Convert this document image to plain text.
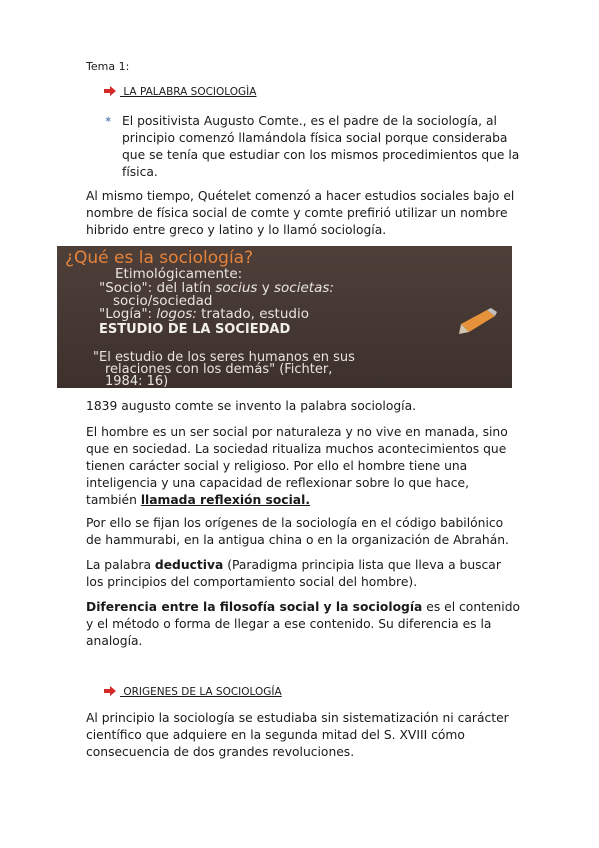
Tema 1:
LA PALABRA SOCIOLOGÌA
✶ El positivista Augusto Comte., es el padre de la sociología, al
principio comenzó llamándola física social porque consideraba
que se tenía que estudiar con los mismos procedimientos que la
física.
Al mismo tiempo, Quételet comenzó a hacer estudios sociales bajo el
nombre de física social de comte y comte prefirió utilizar un nombre
hibrido entre greco y latino y lo llamó sociología.
¿Qué es la sociología?
Etimológicamente:
"Socio": del latín socius y societas:
socio/sociedad
"Logía": logos: tratado, estudio
ESTUDIO DE LA SOCIEDAD
"El estudio de los seres humanos en sus
relaciones con los demás" (Fichter,
1984: 16)
1839 augusto comte se invento la palabra sociología.
El hombre es un ser social por naturaleza y no vive en manada, sino
que en sociedad. La sociedad ritualiza muchos acontecimientos que
tienen carácter social y religioso. Por ello el hombre tiene una
inteligencia y una capacidad de reflexionar sobre lo que hace,
también llamada reflexión social.
Por ello se fijan los orígenes de la sociología en el código babilónico
de hammurabi, en la antigua china o en la organización de Abrahán.
La palabra deductiva (Paradigma principia lista que lleva a buscar
los principios del comportamiento social del hombre).
Diferencia entre la filosofía social y la sociología es el contenido
y el método o forma de llegar a ese contenido. Su diferencia es la
analogía.
ORIGENES DE LA SOCIOLOGÍA
Al principio la sociología se estudiaba sin sistematización ni carácter
científico que adquiere en la segunda mitad del S. XVIII cómo
consecuencia de dos grandes revoluciones.
